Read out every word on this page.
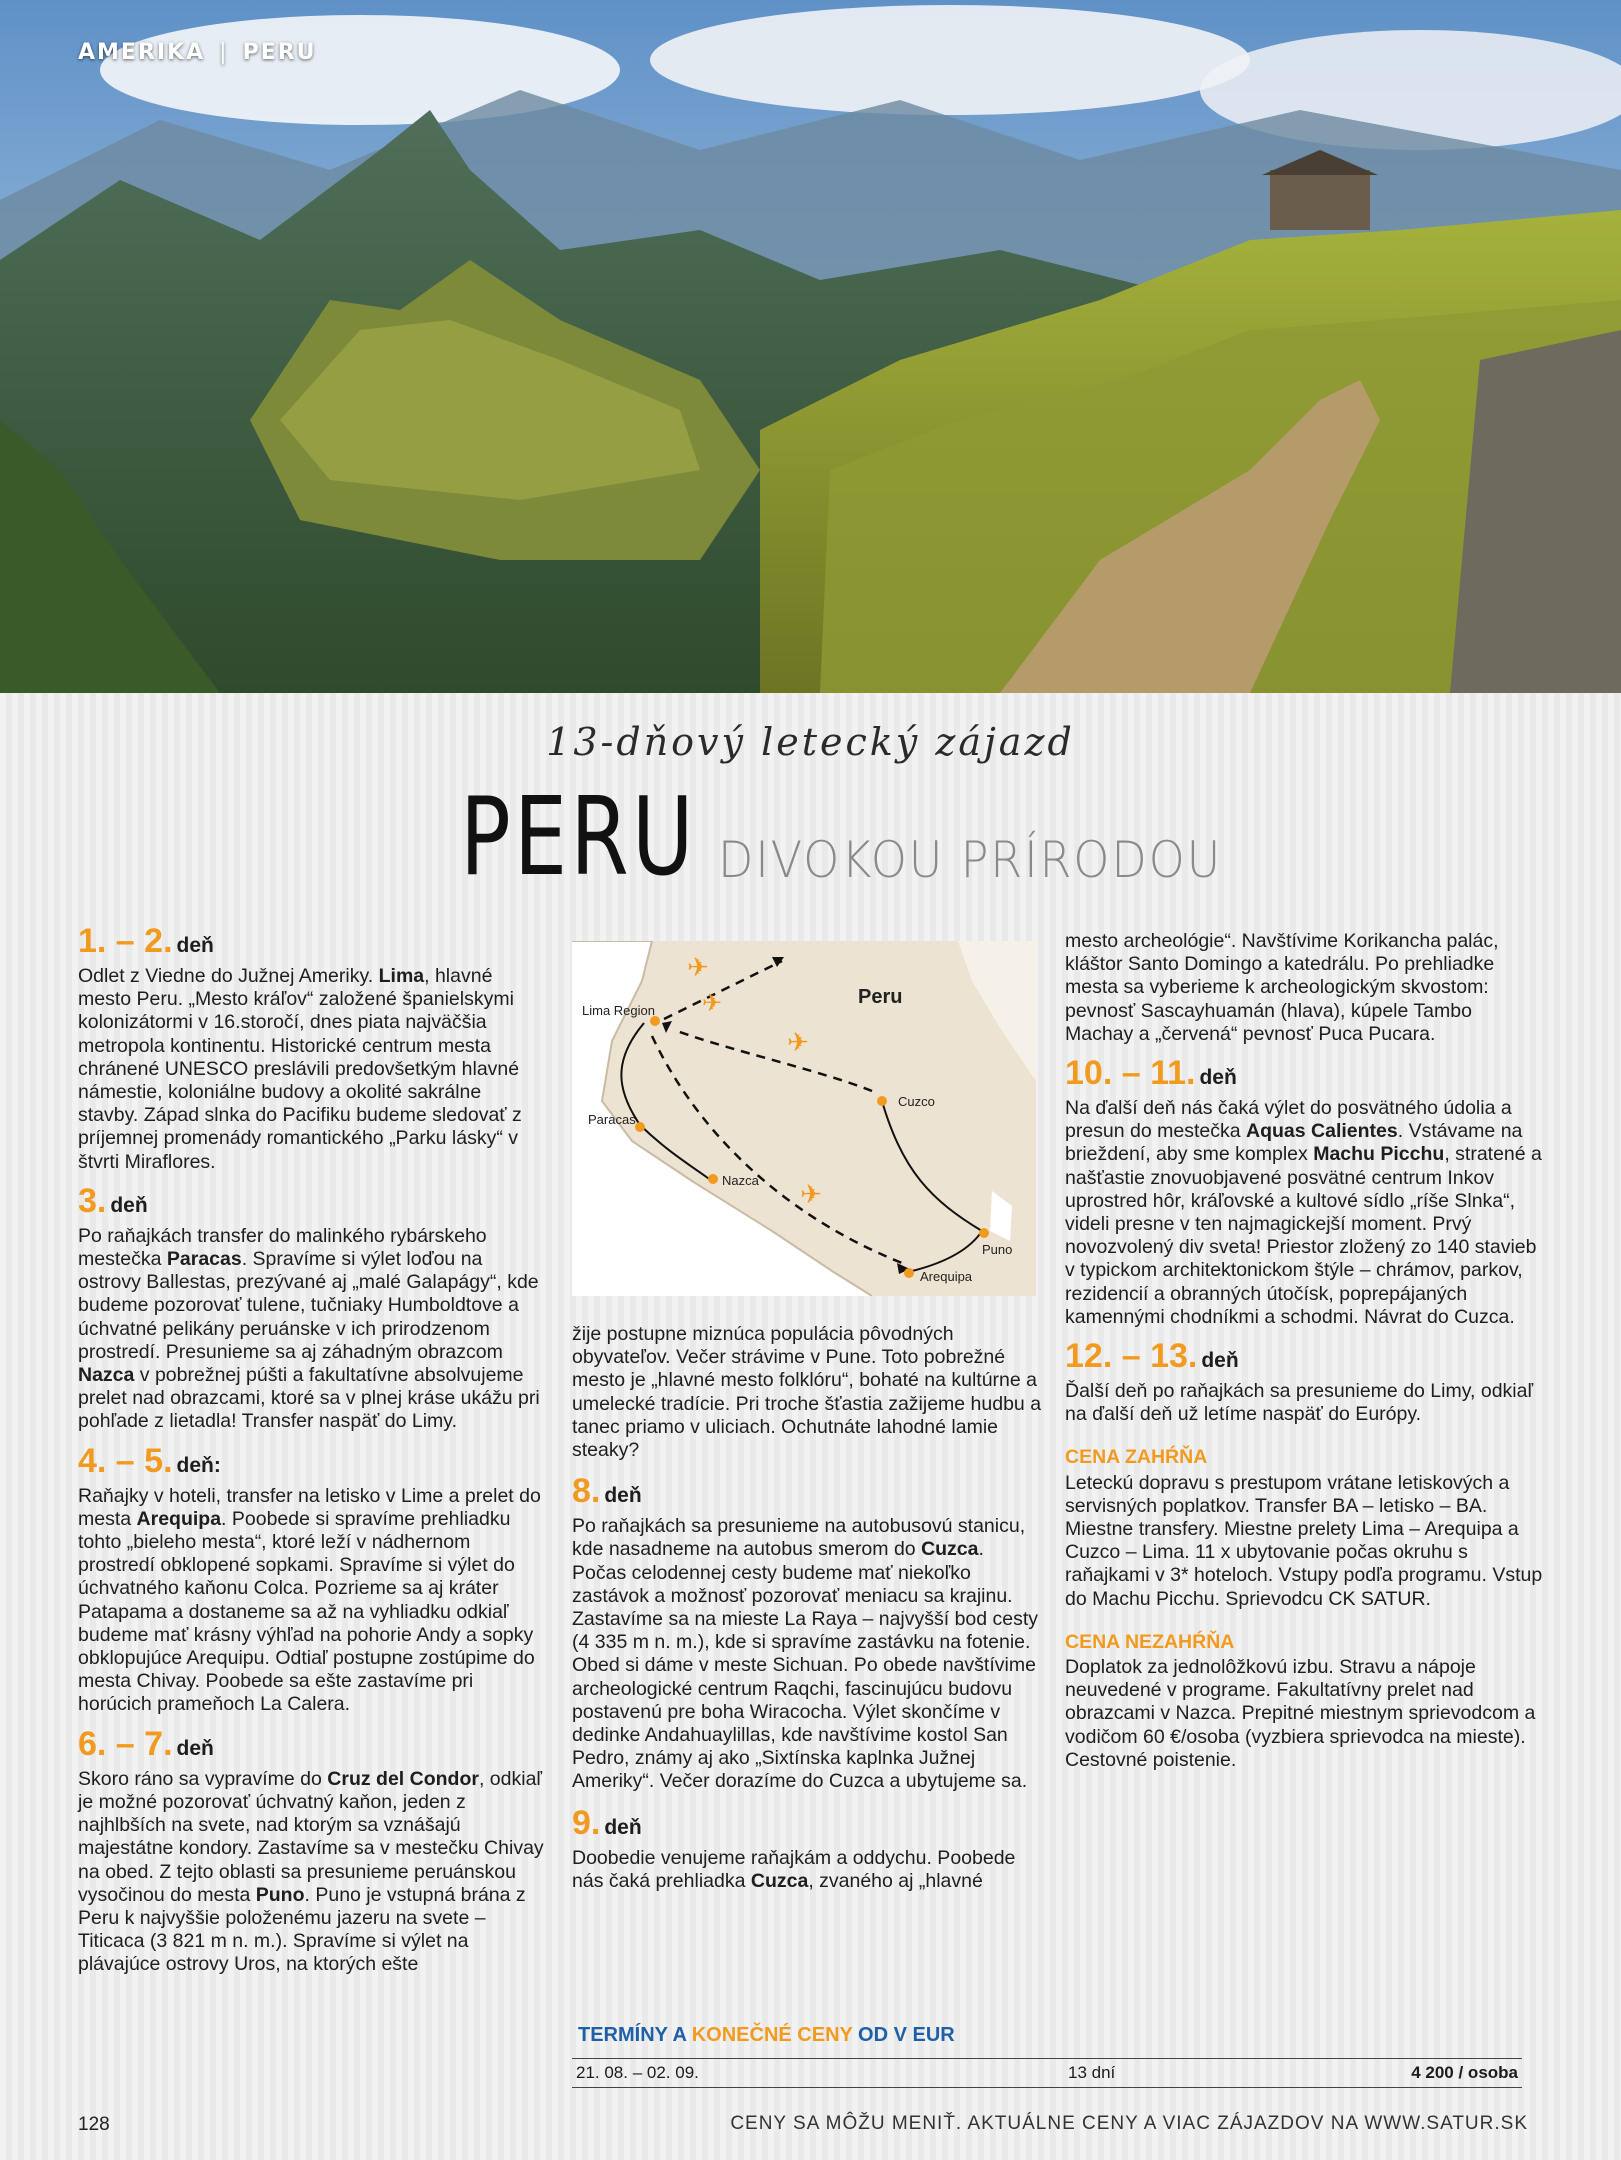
AMERIKA | PERU
13-dňový letecký zájazd
PERU DIVOKOU PRÍRODOU
1. – 2. deň

Odlet z Viedne do Južnej Ameriky. Lima, hlavné mesto Peru. „Mesto kráľov“ založené španielskymi kolonizátormi v 16.storočí, dnes piata najväčšia metropola kontinentu. Historické centrum mesta chránené UNESCO preslávili predovšetkým hlavné námestie, koloniálne budovy a okolité sakrálne stavby. Západ slnka do Pacifiku budeme sledovať z príjemnej promenády romantického „Parku lásky“ v štvrti Miraflores.

3. deň

Po raňajkách transfer do malinkého rybárskeho mestečka Paracas. Spravíme si výlet loďou na ostrovy Ballestas, prezývané aj „malé Galapágy“, kde budeme pozorovať tulene, tučniaky Humboldtove a úchvatné pelikány peruánske v ich prirodzenom prostredí. Presunieme sa aj záhadným obrazcom Nazca v pobrežnej púšti a fakultatívne absolvujeme prelet nad obrazcami, ktoré sa v plnej kráse ukážu pri pohľade z lietadla! Transfer naspäť do Limy.

4. – 5. deň:

Raňajky v hoteli, transfer na letisko v Lime a prelet do mesta Arequipa. Poobede si spravíme prehliadku tohto „bieleho mesta“, ktoré leží v nádhernom prostredí obklopené sopkami. Spravíme si výlet do úchvatného kaňonu Colca. Pozrieme sa aj kráter Patapama a dostaneme sa až na vyhliadku odkiaľ budeme mať krásny výhľad na pohorie Andy a sopky obklopujúce Arequipu. Odtiaľ postupne zostúpime do mesta Chivay. Poobede sa ešte zastavíme pri horúcich prameňoch La Calera.

6. – 7. deň

Skoro ráno sa vypravíme do Cruz del Condor, odkiaľ je možné pozorovať úchvatný kaňon, jeden z najhlbších na svete, nad ktorým sa vznášajú majestátne kondory. Zastavíme sa v mestečku Chivay na obed. Z tejto oblasti sa presunieme peruánskou vysočinou do mesta Puno. Puno je vstupná brána z Peru k najvyššie položenému jazeru na svete – Titicaca (3 821 m n. m.). Spravíme si výlet na plávajúce ostrovy Uros, na ktorých ešte

✈
✈
✈
✈
Peru
Lima Region
Paracas
Nazca
Cuzco
Puno
Arequipa

žije postupne miznúca populácia pôvodných obyvateľov. Večer strávime v Pune. Toto pobrežné mesto je „hlavné mesto folklóru“, bohaté na kultúrne a umelecké tradície. Pri troche šťastia zažijeme hudbu a tanec priamo v uliciach. Ochutnáte lahodné lamie steaky?

8. deň

Po raňajkách sa presunieme na autobusovú stanicu, kde nasadneme na autobus smerom do Cuzca. Počas celodennej cesty budeme mať niekoľko zastávok a možnosť pozorovať meniacu sa krajinu. Zastavíme sa na mieste La Raya – najvyšší bod cesty (4 335 m n. m.), kde si spravíme zastávku na fotenie. Obed si dáme v meste Sichuan. Po obede navštívime archeologické centrum Raqchi, fascinujúcu budovu postavenú pre boha Wiracocha. Výlet skončíme v dedinke Andahuaylillas, kde navštívime kostol San Pedro, známy aj ako „Sixtínska kaplnka Južnej Ameriky“. Večer dorazíme do Cuzca a ubytujeme sa.

9. deň

Doobedie venujeme raňajkám a oddychu. Poobede nás čaká prehliadka Cuzca, zvaného aj „hlavné

mesto archeológie“. Navštívime Korikancha palác, kláštor Santo Domingo a katedrálu. Po prehliadke mesta sa vyberieme k archeologickým skvostom: pevnosť Sascayhuamán (hlava), kúpele Tambo Machay a „červená“ pevnosť Puca Pucara.

10. – 11. deň

Na ďalší deň nás čaká výlet do posvätného údolia a presun do mestečka Aquas Calientes. Vstávame na brieždení, aby sme komplex Machu Picchu, stratené a našťastie znovuobjavené posvätné centrum Inkov uprostred hôr, kráľovské a kultové sídlo „ríše Slnka“, videli presne v ten najmagickejší moment. Prvý novozvolený div sveta! Priestor zložený zo 140 stavieb v typickom architektonickom štýle – chrámov, parkov, rezidencií a obranných útočísk, poprepájaných kamennými chodníkmi a schodmi. Návrat do Cuzca.

12. – 13. deň

Ďalší deň po raňajkách sa presunieme do Limy, odkiaľ na ďalší deň už letíme naspäť do Európy.

CENA ZAHŔŇA

Leteckú dopravu s prestupom vrátane letiskových a servisných poplatkov. Transfer BA – letisko – BA. Miestne transfery. Miestne prelety Lima – Arequipa a Cuzco – Lima. 11 x ubytovanie počas okruhu s raňajkami v 3* hoteloch. Vstupy podľa programu. Vstup do Machu Picchu. Sprievodcu CK SATUR.

CENA NEZAHŔŇA

Doplatok za jednolôžkovú izbu. Stravu a nápoje neuvedené v programe. Fakultatívny prelet nad obrazcami v Nazca. Prepitné miestnym sprievodcom a vodičom 60 €/osoba (vyzbiera sprievodca na mieste). Cestovné poistenie.

TERMÍNY A KONEČNÉ CENY OD V EUR
21. 08. – 02. 09.	13 dní	4 200 / osoba
128	CENY SA MÔŽU MENIŤ. AKTUÁLNE CENY A VIAC ZÁJAZDOV NA WWW.SATUR.SK
